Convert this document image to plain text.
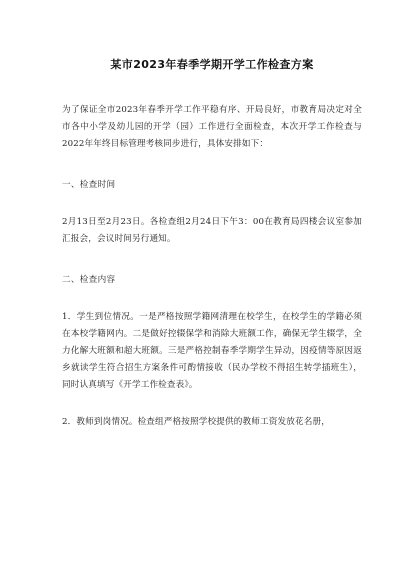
某市2023年春季学期开学工作检查方案

为了保证全市2023年春季开学工作平稳有序、开局良好，市教育局决定对全市各中小学及幼儿园的开学（园）工作进行全面检查，本次开学工作检查与2022年年终目标管理考核同步进行，具体安排如下：

一、检查时间

2月13日至2月23日。各检查组2月24日下午3：00在教育局四楼会议室参加汇报会，会议时间另行通知。

二、检查内容

1．学生到位情况。一是严格按照学籍网清理在校学生，在校学生的学籍必须在本校学籍网内。二是做好控辍保学和消除大班额工作，确保无学生辍学，全力化解大班额和超大班额。三是严格控制春季学期学生异动，因疫情等原因返乡就读学生符合招生方案条件可酌情接收（民办学校不得招生转学插班生），同时认真填写《开学工作检查表》。

2．教师到岗情况。检查组严格按照学校提供的教师工资发放花名册，
